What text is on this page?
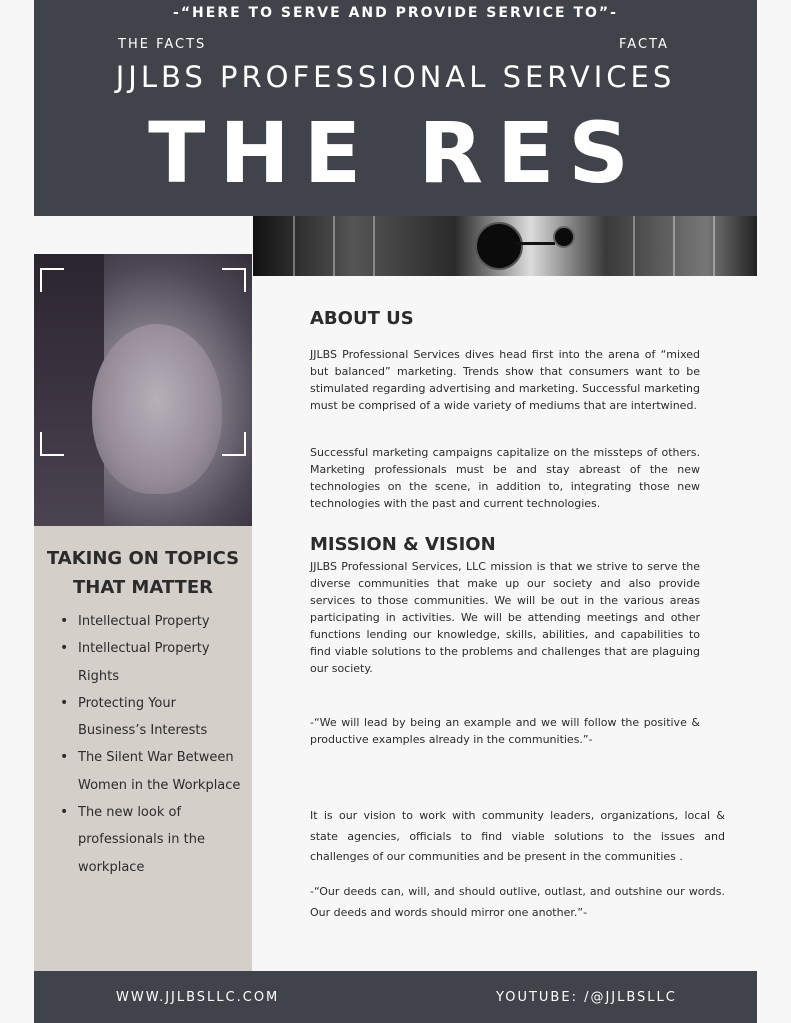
-“HERE TO SERVE AND PROVIDE SERVICE TO”-
THE FACTS	FACTA
JJLBS PROFESSIONAL SERVICES
THE RES
TAKING ON TOPICS THAT MATTER
• Intellectual Property
• Intellectual Property Rights
• Protecting Your Business’s Interests
• The Silent War Between Women in the Workplace
• The new look of professionals in the workplace
ABOUT US

JJLBS Professional Services dives head first into the arena of “mixed but balanced” marketing. Trends show that consumers want to be stimulated regarding advertising and marketing. Successful marketing must be comprised of a wide variety of mediums that are intertwined.

Successful marketing campaigns capitalize on the missteps of others. Marketing professionals must be and stay abreast of the new technologies on the scene, in addition to, integrating those new technologies with the past and current technologies.

MISSION & VISION

JJLBS Professional Services, LLC mission is that we strive to serve the diverse communities that make up our society and also provide services to those communities. We will be out in the various areas participating in activities. We will be attending meetings and other functions lending our knowledge, skills, abilities, and capabilities to find viable solutions to the problems and challenges that are plaguing our society.

-“We will lead by being an example and we will follow the positive & productive examples already in the communities.”-

It is our vision to work with community leaders, organizations, local & state agencies, officials to find viable solutions to the issues and challenges of our communities and be present in the communities .

-“Our deeds can, will, and should outlive, outlast, and outshine our words. Our deeds and words should mirror one another.”-

WWW.JJLBSLLC.COM	YOUTUBE: /@JJLBSLLC
